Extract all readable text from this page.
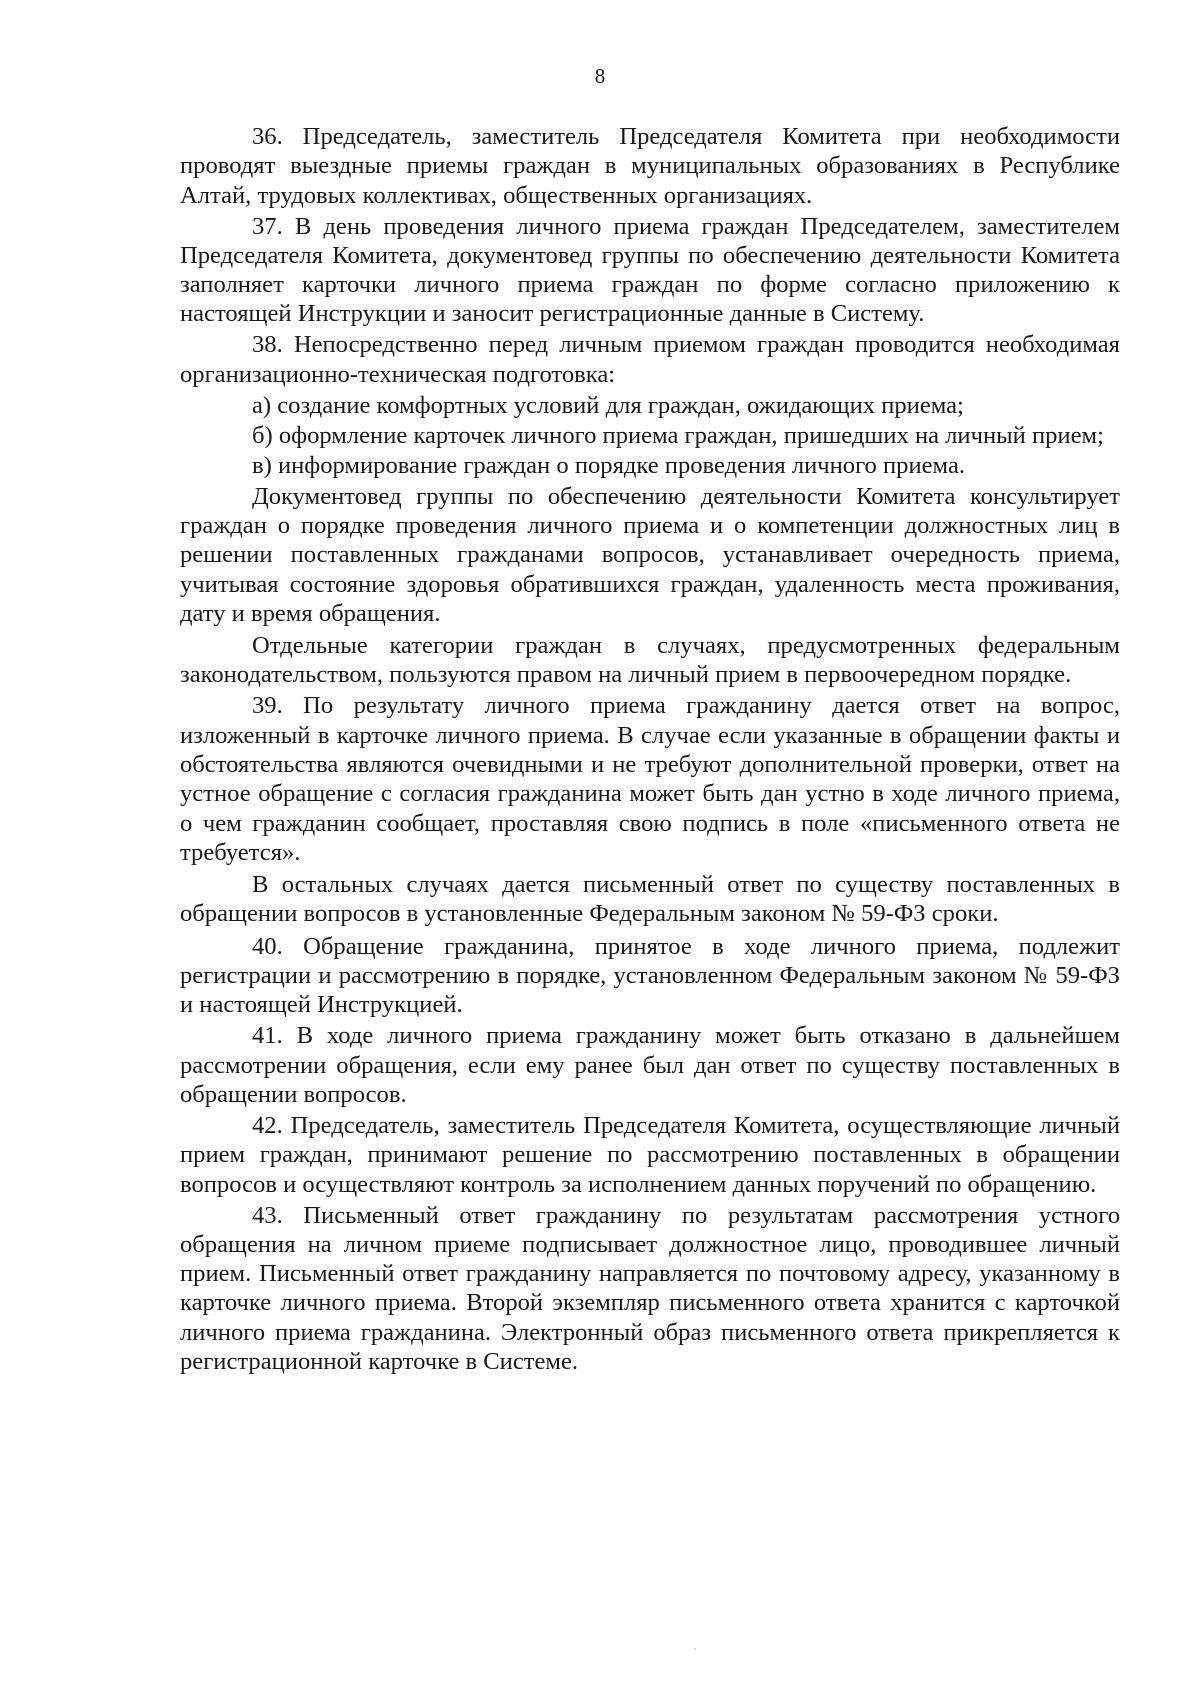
8

36. Председатель, заместитель Председателя Комитета при необходимости проводят выездные приемы граждан в муниципальных образованиях в Республике Алтай, трудовых коллективах, общественных организациях.

37. В день проведения личного приема граждан Председателем, заместителем Председателя Комитета, документовед группы по обеспечению деятельности Комитета заполняет карточки личного приема граждан по форме согласно приложению к настоящей Инструкции и заносит регистрационные данные в Систему.

38. Непосредственно перед личным приемом граждан проводится необходимая организационно-техническая подготовка:

а) создание комфортных условий для граждан, ожидающих приема;

б) оформление карточек личного приема граждан, пришедших на личный прием;

в) информирование граждан о порядке проведения личного приема.

Документовед группы по обеспечению деятельности Комитета консультирует граждан о порядке проведения личного приема и о компетенции должностных лиц в решении поставленных гражданами вопросов, устанавливает очередность приема, учитывая состояние здоровья обратившихся граждан, удаленность места проживания, дату и время обращения.

Отдельные категории граждан в случаях, предусмотренных федеральным законодательством, пользуются правом на личный прием в первоочередном порядке.

39. По результату личного приема гражданину дается ответ на вопрос, изложенный в карточке личного приема. В случае если указанные в обращении факты и обстоятельства являются очевидными и не требуют дополнительной проверки, ответ на устное обращение с согласия гражданина может быть дан устно в ходе личного приема, о чем гражданин сообщает, проставляя свою подпись в поле «письменного ответа не требуется».

В остальных случаях дается письменный ответ по существу поставленных в обращении вопросов в установленные Федеральным законом № 59-ФЗ сроки.

40. Обращение гражданина, принятое в ходе личного приема, подлежит регистрации и рассмотрению в порядке, установленном Федеральным законом № 59-ФЗ и настоящей Инструкцией.

41. В ходе личного приема гражданину может быть отказано в дальнейшем рассмотрении обращения, если ему ранее был дан ответ по существу поставленных в обращении вопросов.

42. Председатель, заместитель Председателя Комитета, осуществляющие личный прием граждан, принимают решение по рассмотрению поставленных в обращении вопросов и осуществляют контроль за исполнением данных поручений по обращению.

43. Письменный ответ гражданину по результатам рассмотрения устного обращения на личном приеме подписывает должностное лицо, проводившее личный прием. Письменный ответ гражданину направляется по почтовому адресу, указанному в карточке личного приема. Второй экземпляр письменного ответа хранится с карточкой личного приема гражданина. Электронный образ письменного ответа прикрепляется к регистрационной карточке в Системе.
